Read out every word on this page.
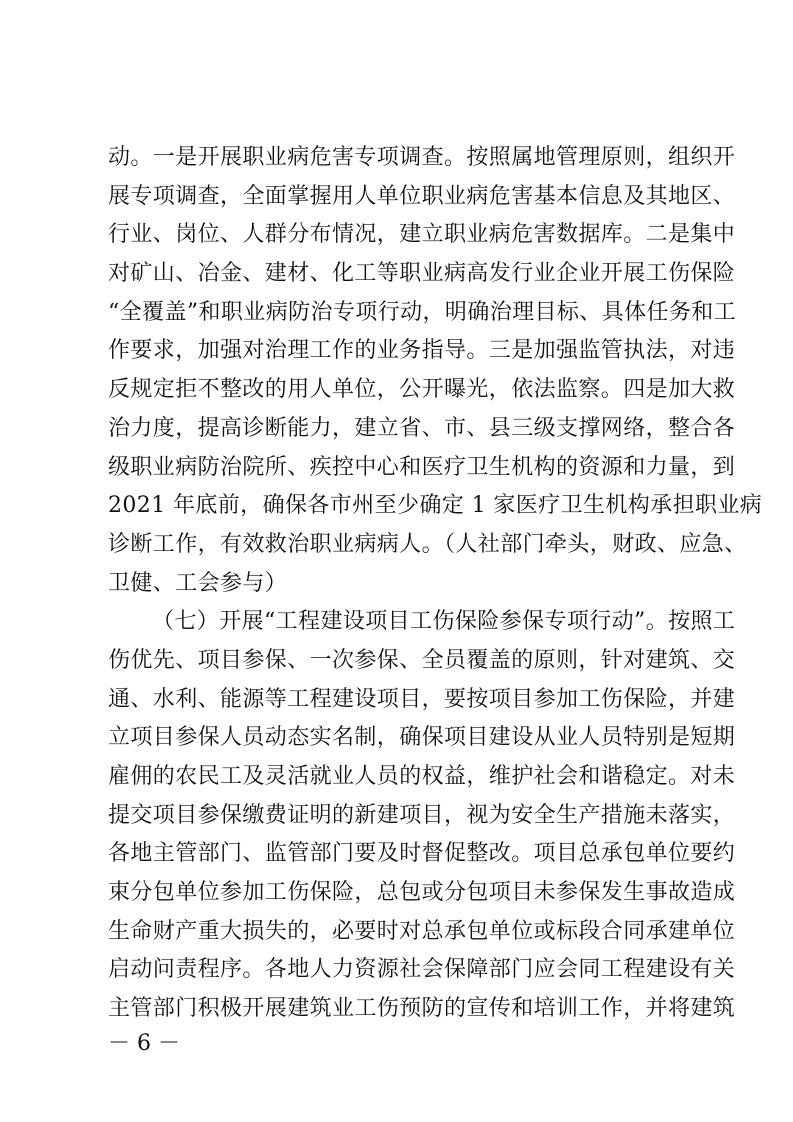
动。一是开展职业病危害专项调查。按照属地管理原则，组织开
展专项调查，全面掌握用人单位职业病危害基本信息及其地区、
行业、岗位、人群分布情况，建立职业病危害数据库。二是集中
对矿山、冶金、建材、化工等职业病高发行业企业开展工伤保险
“全覆盖”和职业病防治专项行动，明确治理目标、具体任务和工
作要求，加强对治理工作的业务指导。三是加强监管执法，对违
反规定拒不整改的用人单位，公开曝光，依法监察。四是加大救
治力度，提高诊断能力，建立省、市、县三级支撑网络，整合各
级职业病防治院所、疾控中心和医疗卫生机构的资源和力量，到
2021 年底前，确保各市州至少确定 1 家医疗卫生机构承担职业病
诊断工作，有效救治职业病病人。（人社部门牵头，财政、应急、
卫健、工会参与）
（七）开展“工程建设项目工伤保险参保专项行动”。按照工
伤优先、项目参保、一次参保、全员覆盖的原则，针对建筑、交
通、水利、能源等工程建设项目，要按项目参加工伤保险，并建
立项目参保人员动态实名制，确保项目建设从业人员特别是短期
雇佣的农民工及灵活就业人员的权益，维护社会和谐稳定。对未
提交项目参保缴费证明的新建项目，视为安全生产措施未落实，
各地主管部门、监管部门要及时督促整改。项目总承包单位要约
束分包单位参加工伤保险，总包或分包项目未参保发生事故造成
生命财产重大损失的，必要时对总承包单位或标段合同承建单位
启动问责程序。各地人力资源社会保障部门应会同工程建设有关
主管部门积极开展建筑业工伤预防的宣传和培训工作，并将建筑
－ 6 －
